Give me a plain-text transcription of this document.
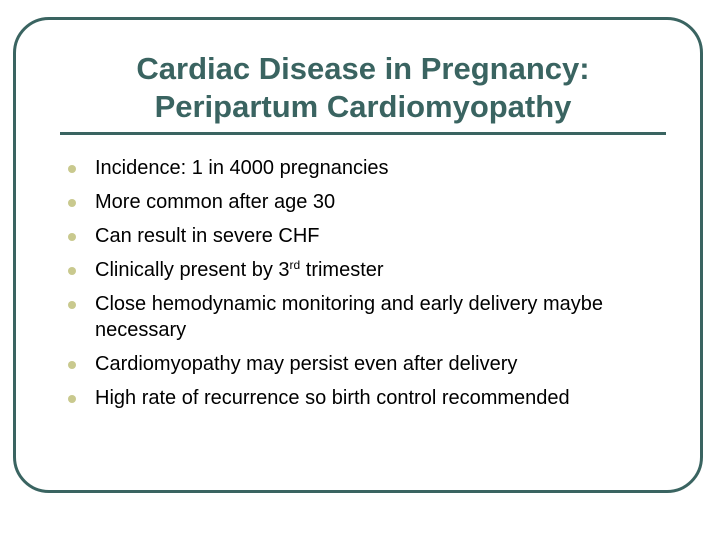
Cardiac Disease in Pregnancy:
Peripartum Cardiomyopathy
Incidence: 1 in 4000 pregnancies
More common after age 30
Can result in severe CHF
Clinically present by 3rd trimester
Close hemodynamic monitoring and early delivery maybe necessary
Cardiomyopathy may persist even after delivery
High rate of recurrence so birth control recommended
